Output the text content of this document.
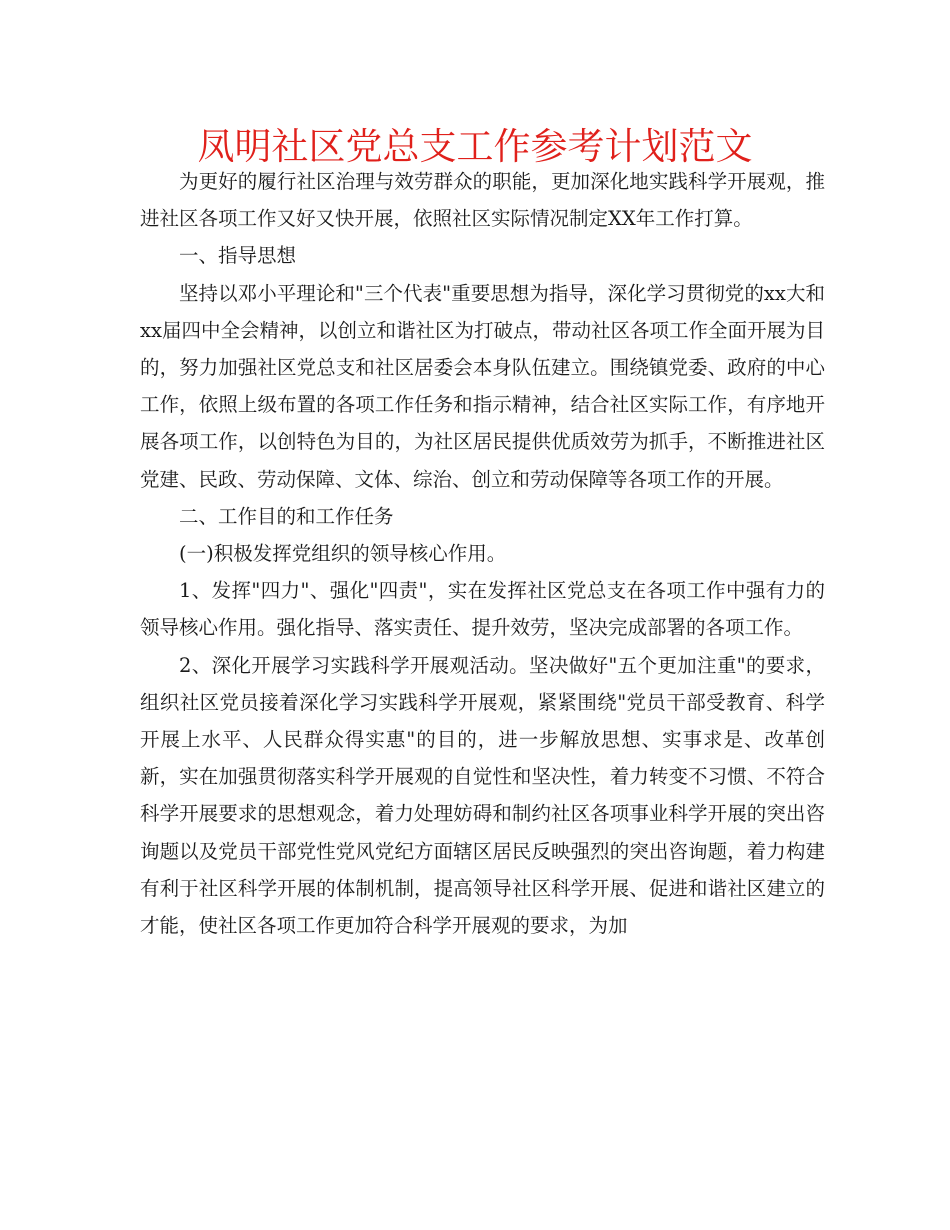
凤明社区党总支工作参考计划范文

为更好的履行社区治理与效劳群众的职能，更加深化地实践科学开展观，推进社区各项工作又好又快开展，依照社区实际情况制定XX年工作打算。

一、指导思想

坚持以邓小平理论和"三个代表"重要思想为指导，深化学习贯彻党的xx大和xx届四中全会精神，以创立和谐社区为打破点，带动社区各项工作全面开展为目的，努力加强社区党总支和社区居委会本身队伍建立。围绕镇党委、政府的中心工作，依照上级布置的各项工作任务和指示精神，结合社区实际工作，有序地开展各项工作，以创特色为目的，为社区居民提供优质效劳为抓手，不断推进社区党建、民政、劳动保障、文体、综治、创立和劳动保障等各项工作的开展。

二、工作目的和工作任务

(一)积极发挥党组织的领导核心作用。

1、发挥"四力"、强化"四责"，实在发挥社区党总支在各项工作中强有力的领导核心作用。强化指导、落实责任、提升效劳，坚决完成部署的各项工作。

2、深化开展学习实践科学开展观活动。坚决做好"五个更加注重"的要求，组织社区党员接着深化学习实践科学开展观，紧紧围绕"党员干部受教育、科学开展上水平、人民群众得实惠"的目的，进一步解放思想、实事求是、改革创新，实在加强贯彻落实科学开展观的自觉性和坚决性，着力转变不习惯、不符合科学开展要求的思想观念，着力处理妨碍和制约社区各项事业科学开展的突出咨询题以及党员干部党性党风党纪方面辖区居民反映强烈的突出咨询题，着力构建有利于社区科学开展的体制机制，提高领导社区科学开展、促进和谐社区建立的才能，使社区各项工作更加符合科学开展观的要求，为加
